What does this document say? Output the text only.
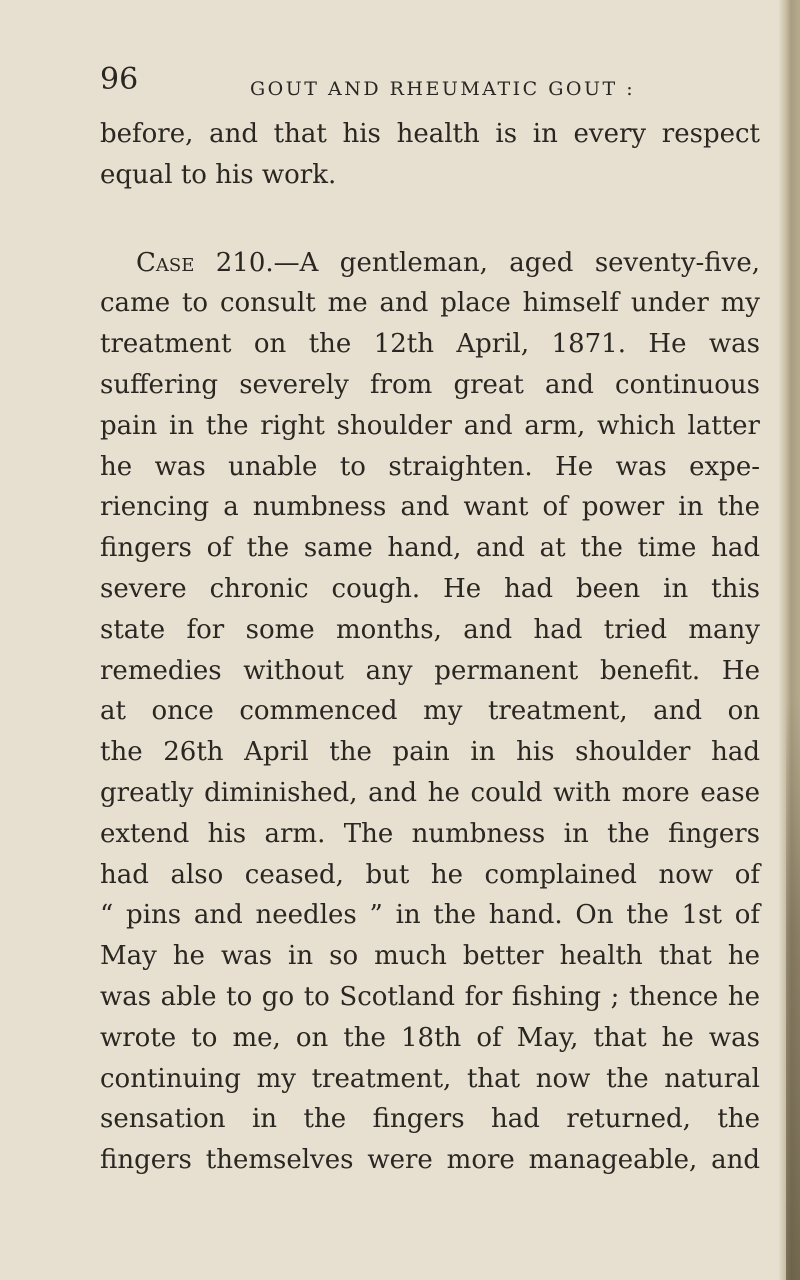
96	GOUT AND RHEUMATIC GOUT :
before, and that his health is in every respect
equal to his work.
Case 210.—A gentleman, aged seventy-five,
came to consult me and place himself under my
treatment on the 12th April, 1871. He was
suffering severely from great and continuous
pain in the right shoulder and arm, which latter
he was unable to straighten. He was expe-
riencing a numbness and want of power in the
fingers of the same hand, and at the time had
severe chronic cough. He had been in this
state for some months, and had tried many
remedies without any permanent benefit. He
at once commenced my treatment, and on
the 26th April the pain in his shoulder had
greatly diminished, and he could with more ease
extend his arm. The numbness in the fingers
had also ceased, but he complained now of
“ pins and needles ” in the hand. On the 1st of
May he was in so much better health that he
was able to go to Scotland for fishing ; thence he
wrote to me, on the 18th of May, that he was
continuing my treatment, that now the natural
sensation in the fingers had returned, the
fingers themselves were more manageable, and
